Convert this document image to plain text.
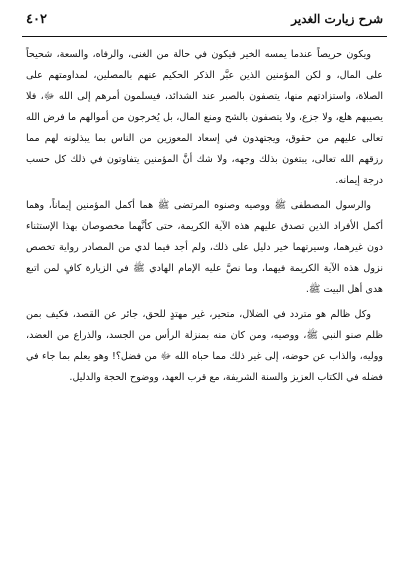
٤٠٢	شرح زيارت الغدير

ويكون حريصاً عندما يمسه الخير فيكون في حالة من الغنى، والرفاه، والسعة، شحيحاً على المال، و لكن المؤمنين الذين عبَّر الذكر الحكيم عنهم بالمصلين، لمداومتهم على الصلاة، واستزادتهم منها، يتصفون بالصبر عند الشدائد، فيسلمون أمرهم إلى الله ﷻ، فلا يصيبهم هلع، ولا جزع، ولا يتصفون بالشح ومنع المال، بل يُخرجون من أموالهم ما فرض الله تعالى عليهم من حقوق، ويجتهدون في إسعاد المعوزين من الناس بما يبذلونه لهم مما رزقهم الله تعالى، يبتغون بذلك وجهه، ولا شك أنَّ المؤمنين يتفاوتون في ذلك كل حسب درجة إيمانه.

والرسول المصطفى ﷺ ووصيه وصنوه المرتضى ﷺ هما أكمل المؤمنين إيماناً، وهما أكمل الأفراد الذين تصدق عليهم هذه الآية الكريمة، حتى كأنَّهما مخصوصان بهذا الإستثناء دون غيرهما، وسيرتهما خير دليل على ذلك، ولم أجد فيما لدي من المصادر رواية تخصص نزول هذه الآية الكريمة فيهما، وما نصَّ عليه الإمام الهادي ﷺ في الزيارة كافٍ لمن اتبع هدى أهل البيت ﷺ.

وكل ظالم هو متردد في الضلال، متحير، غير مهتدٍ للحق، جائر عن القصد، فكيف بمن ظلم صنو النبي ﷺ، ووصيه، ومن كان منه بمنزلة الرأس من الجسد، والذراع من العضد، ووليه، والذاب عن حوضه، إلى غير ذلك مما حباه الله ﷻ من فضل؟! وهو يعلم بما جاء في فضله في الكتاب العزيز والسنة الشريفة، مع قرب العهد، ووضوح الحجة والدليل.
